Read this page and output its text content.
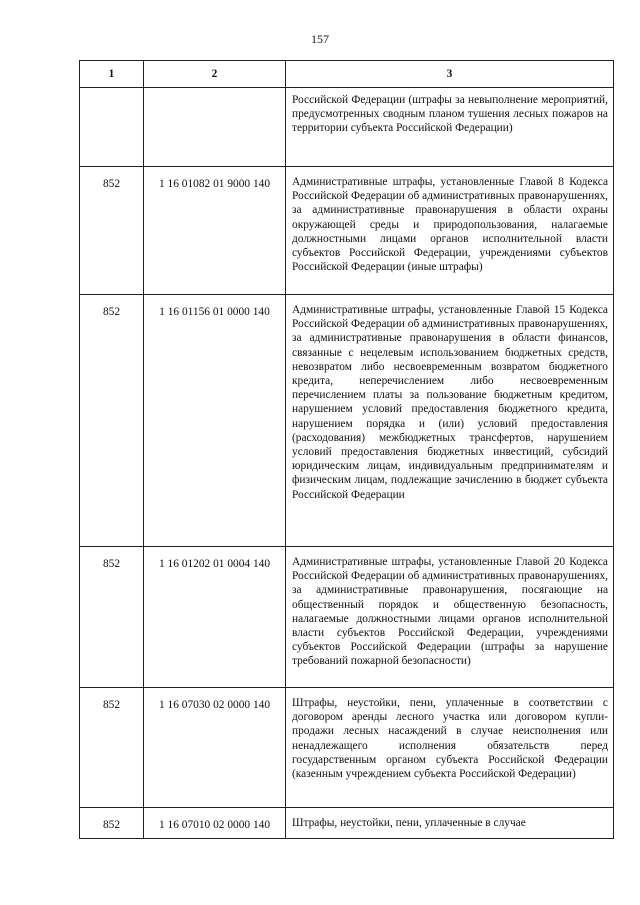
157
1	2	3
		Российской Федерации (штрафы за невыполнение мероприятий, предусмотренных сводным планом тушения лесных пожаров на территории субъекта Российской Федерации)
852	1 16 01082 01 9000 140	Административные штрафы, установленные Главой 8 Кодекса Российской Федерации об административных правонарушениях, за административные правонарушения в области охраны окружающей среды и природопользования, налагаемые должностными лицами органов исполнительной власти субъектов Российской Федерации, учреждениями субъектов Российской Федерации (иные штрафы)
852	1 16 01156 01 0000 140	Административные штрафы, установленные Главой 15 Кодекса Российской Федерации об административных правонарушениях, за административные правонарушения в области финансов, связанные с нецелевым использованием бюджетных средств, невозвратом либо несвоевременным возвратом бюджетного кредита, неперечислением либо несвоевременным перечислением платы за пользование бюджетным кредитом, нарушением условий предоставления бюджетного кредита, нарушением порядка и (или) условий предоставления (расходования) межбюджетных трансфертов, нарушением условий предоставления бюджетных инвестиций, субсидий юридическим лицам, индивидуальным предпринимателям и физическим лицам, подлежащие зачислению в бюджет субъекта Российской Федерации
852	1 16 01202 01 0004 140	Административные штрафы, установленные Главой 20 Кодекса Российской Федерации об административных правонарушениях, за административные правонарушения, посягающие на общественный порядок и общественную безопасность, налагаемые должностными лицами органов исполнительной власти субъектов Российской Федерации, учреждениями субъектов Российской Федерации (штрафы за нарушение требований пожарной безопасности)
852	1 16 07030 02 0000 140	Штрафы, неустойки, пени, уплаченные в соответствии с договором аренды лесного участка или договором купли-продажи лесных насаждений в случае неисполнения или ненадлежащего исполнения обязательств перед государственным органом субъекта Российской Федерации (казенным учреждением субъекта Российской Федерации)
852	1 16 07010 02 0000 140	Штрафы, неустойки, пени, уплаченные в случае
